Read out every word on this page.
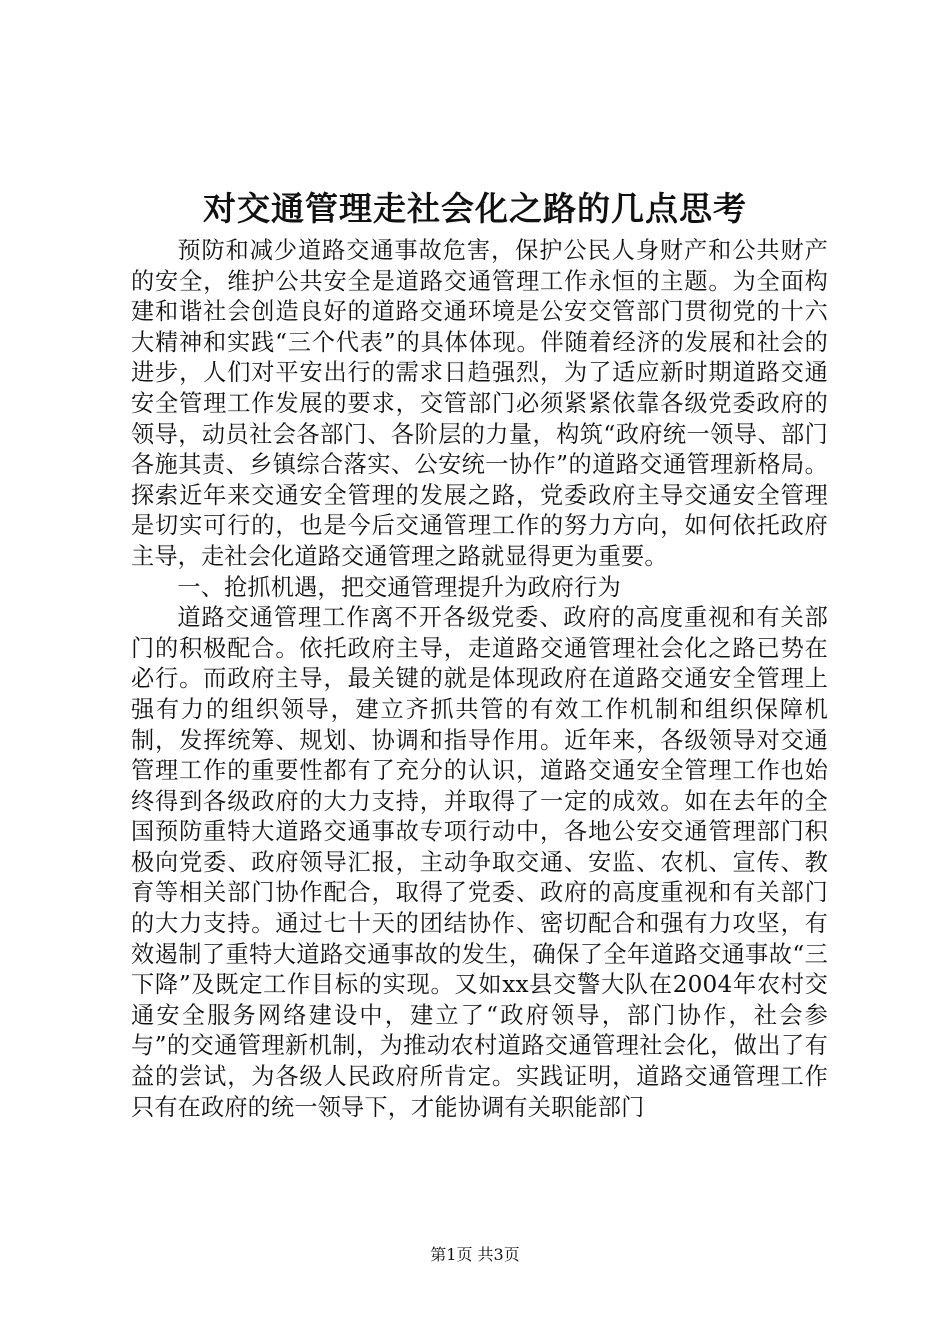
对交通管理走社会化之路的几点思考

预防和减少道路交通事故危害，保护公民人身财产和公共财产的安全，维护公共安全是道路交通管理工作永恒的主题。为全面构建和谐社会创造良好的道路交通环境是公安交管部门贯彻党的十六大精神和实践“三个代表”的具体体现。伴随着经济的发展和社会的进步，人们对平安出行的需求日趋强烈，为了适应新时期道路交通安全管理工作发展的要求，交管部门必须紧紧依靠各级党委政府的领导，动员社会各部门、各阶层的力量，构筑“政府统一领导、部门各施其责、乡镇综合落实、公安统一协作”的道路交通管理新格局。探索近年来交通安全管理的发展之路，党委政府主导交通安全管理是切实可行的，也是今后交通管理工作的努力方向，如何依托政府主导，走社会化道路交通管理之路就显得更为重要。

一、抢抓机遇，把交通管理提升为政府行为

道路交通管理工作离不开各级党委、政府的高度重视和有关部门的积极配合。依托政府主导，走道路交通管理社会化之路已势在必行。而政府主导，最关键的就是体现政府在道路交通安全管理上强有力的组织领导，建立齐抓共管的有效工作机制和组织保障机制，发挥统筹、规划、协调和指导作用。近年来，各级领导对交通管理工作的重要性都有了充分的认识，道路交通安全管理工作也始终得到各级政府的大力支持，并取得了一定的成效。如在去年的全国预防重特大道路交通事故专项行动中，各地公安交通管理部门积极向党委、政府领导汇报，主动争取交通、安监、农机、宣传、教育等相关部门协作配合，取得了党委、政府的高度重视和有关部门的大力支持。通过七十天的团结协作、密切配合和强有力攻坚，有效遏制了重特大道路交通事故的发生，确保了全年道路交通事故“三下降”及既定工作目标的实现。又如xx县交警大队在2004年农村交通安全服务网络建设中，建立了“政府领导，部门协作，社会参与”的交通管理新机制，为推动农村道路交通管理社会化，做出了有益的尝试，为各级人民政府所肯定。实践证明，道路交通管理工作只有在政府的统一领导下，才能协调有关职能部门

第1页 共3页
